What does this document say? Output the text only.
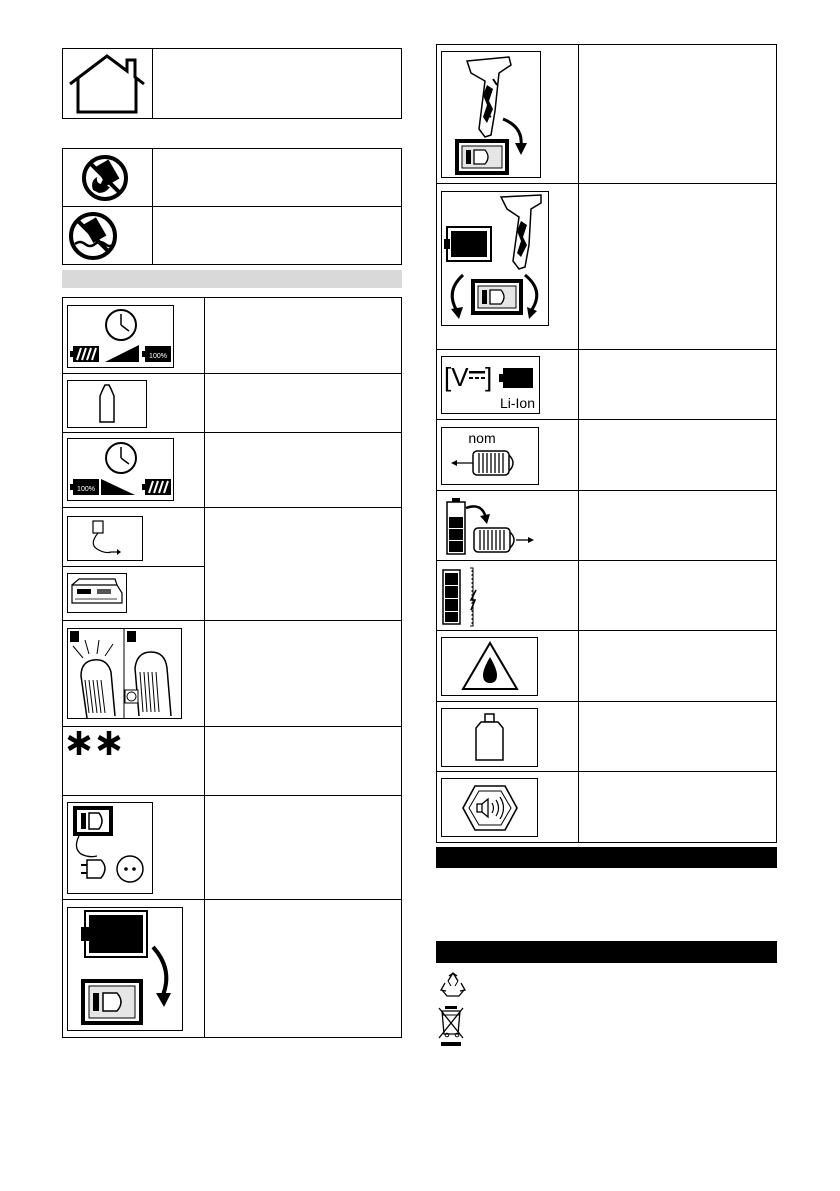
100%
100%
[V ]
Li-Ion
nom
